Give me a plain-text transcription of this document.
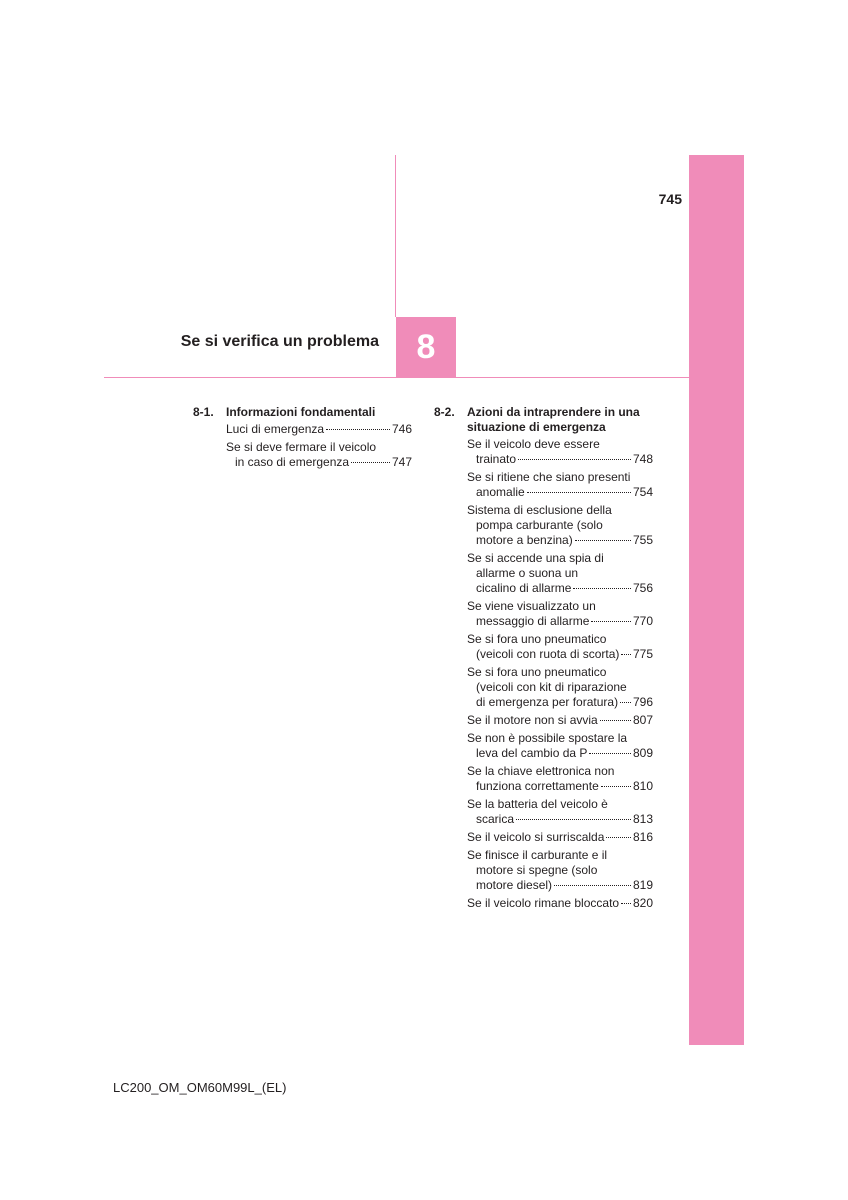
745
Se si verifica un problema 8
8-1.	Informazioni fondamentali
Luci di emergenza	746
Se si deve fermare il veicolo
in caso di emergenza	747
8-2.	Azioni da intraprendere in una situazione di emergenza
Se il veicolo deve essere
trainato	748
Se si ritiene che siano presenti
anomalie	754
Sistema di esclusione della
pompa carburante (solo
motore a benzina)	755
Se si accende una spia di
allarme o suona un
cicalino di allarme	756
Se viene visualizzato un
messaggio di allarme	770
Se si fora uno pneumatico
(veicoli con ruota di scorta) 775
Se si fora uno pneumatico
(veicoli con kit di riparazione
di emergenza per foratura) 796
Se il motore non si avvia	807
Se non è possibile spostare la
leva del cambio da P	809
Se la chiave elettronica non
funziona correttamente	810
Se la batteria del veicolo è
scarica	813
Se il veicolo si surriscalda 816
Se finisce il carburante e il
motore si spegne (solo
motore diesel)	819
Se il veicolo rimane bloccato 820
LC200_OM_OM60M99L_(EL)
